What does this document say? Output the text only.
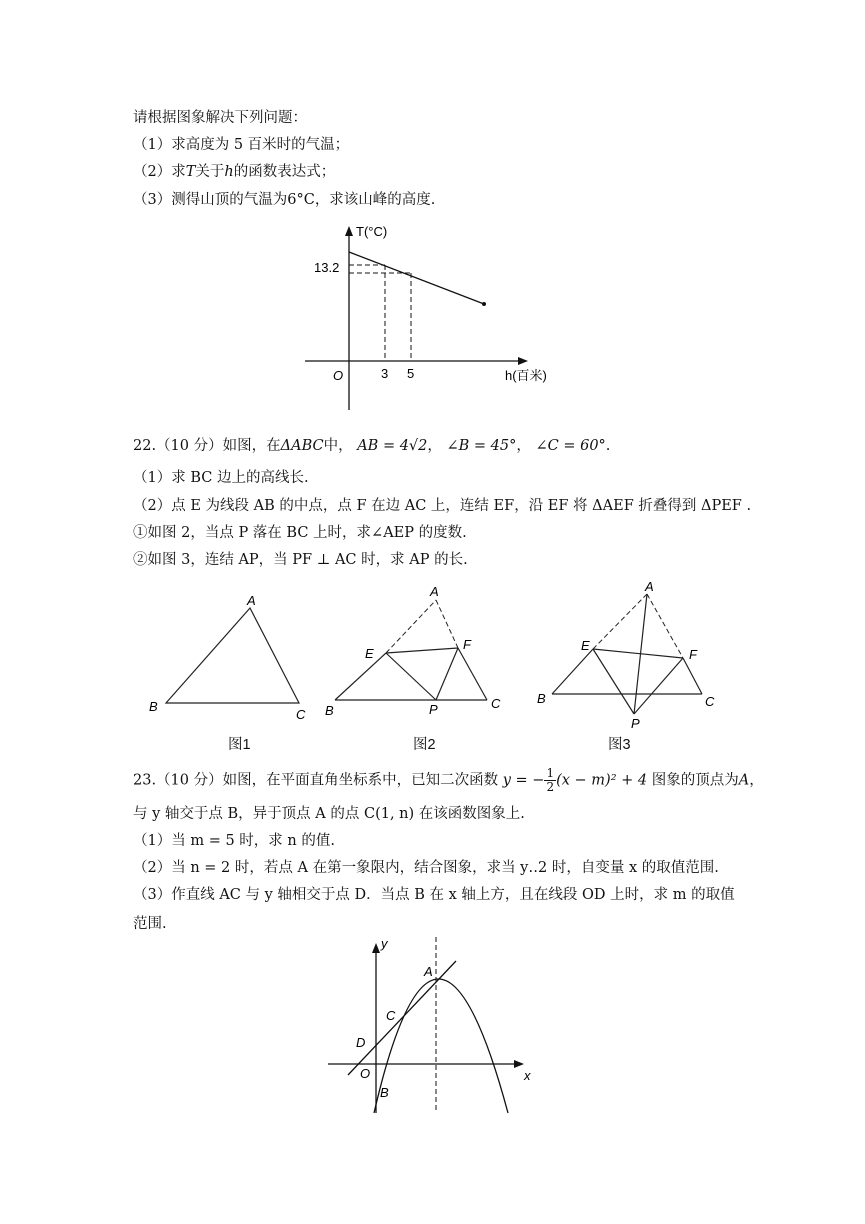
请根据图象解决下列问题：
（1）求高度为 5 百米时的气温；
（2）求T关于h的函数表达式；
（3）测得山顶的气温为6°C，求该山峰的高度.
T(°C)
13.2
O	3 5	h(百米)
22.（10 分）如图，在ΔABC中， AB = 4√2， ∠B = 45°， ∠C = 60°.
（1）求 BC 边上的高线长.
（2）点 E 为线段 AB 的中点，点 F 在边 AC 上，连结 EF，沿 EF 将 ΔAEF 折叠得到 ΔPEF .
①如图 2，当点 P 落在 BC 上时，求∠AEP 的度数.
②如图 3，连结 AP，当 PF ⊥ AC 时，求 AP 的长.
A
B
C
A
E
F
B	P	C
A
E
F
B
P
C
图1	图2	图3
23.（10 分）如图，在平面直角坐标系中，已知二次函数 y = − $\frac{1}{2} (x - m)^2 + 4$ 图象的顶点为A，
与 y 轴交于点 B，异于顶点 A 的点 C(1, n) 在该函数图象上.
（1）当 m = 5 时，求 n 的值.
（2）当 n = 2 时，若点 A 在第一象限内，结合图象，求当 y‥2 时，自变量 x 的取值范围.
（3）作直线 AC 与 y 轴相交于点 D．当点 B 在 x 轴上方，且在线段 OD 上时，求 m 的取值
范围.
y
x
A
C
D
O
B
